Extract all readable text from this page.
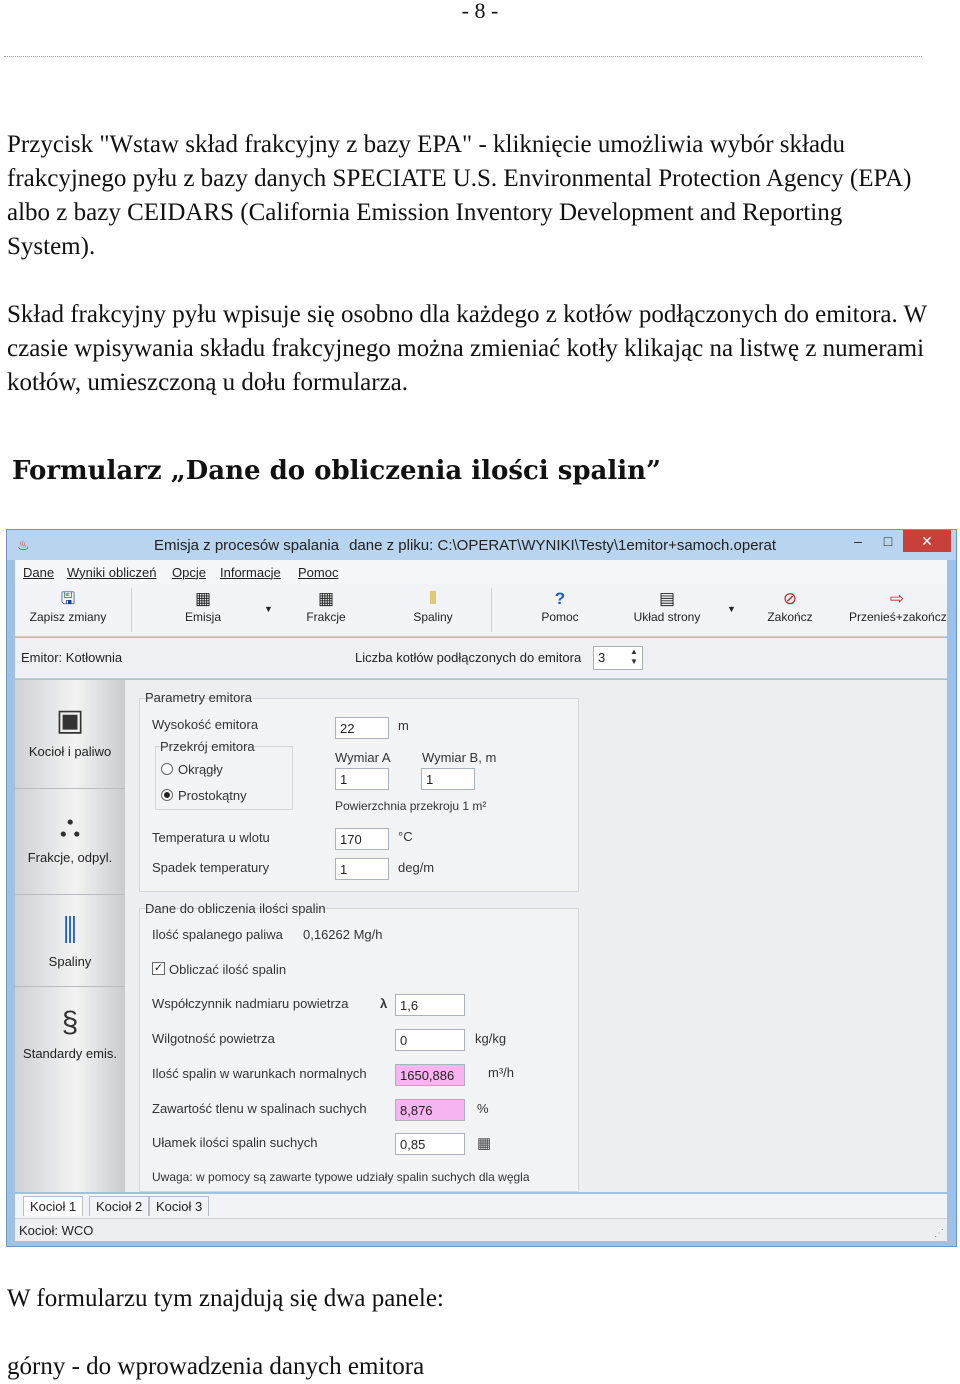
- 8 -

Przycisk "Wstaw skład frakcyjny z bazy EPA" - kliknięcie umożliwia wybór składu frakcyjnego pyłu z bazy danych SPECIATE U.S. Environmental Protection Agency (EPA) albo z bazy CEIDARS (California Emission Inventory Development and Reporting System).

Skład frakcyjny pyłu wpisuje się osobno dla każdego z kotłów podłączonych do emitora. W czasie wpisywania składu frakcyjnego można zmieniać kotły klikając na listwę z numerami kotłów, umieszczoną u dołu formularza.

Formularz „Dane do obliczenia ilości spalin”
♨	Emisja z procesów spalania dane z pliku: C:\OPERAT\WYNIKI\Testy\1emitor+samoch.operat	–	□	✕
Dane Wyniki obliczeń Opcje Informacje Pomoc
🖫
Zapisz zmiany
▦
Emisja
▼
▦
Frakcje
⦀
Spaliny
?
Pomoc
▤
Układ strony
▼
⊘
Zakończ
⇨
Przenieś+zakończ
Emitor: Kotłownia	Liczba kotłów podłączonych do emitora 3	▲
▼
▣
Kocioł i paliwo
⛬
Frakcje, odpyl.
⫼
Spaliny
§
Standardy emis.
Parametry emitora
Wysokość emitora	22	m
Przekrój emitora
Okrągły
Prostokątny
Wymiar A Wymiar B, m
1	1
Powierzchnia przekroju 1 m²
Temperatura u wlotu	170	°C
Spadek temperatury	1	deg/m
Dane do obliczenia ilości spalin
Ilość spalanego paliwa 0,16262 Mg/h
✓ Obliczać ilość spalin
Współczynnik nadmiaru powietrza λ 1,6
Wilgotność powietrza	0	kg/kg
Ilość spalin w warunkach normalnych	1650,886	m³/h
Zawartość tlenu w spalinach suchych	8,876	%
Ułamek ilości spalin suchych	0,85	▦
Uwaga: w pomocy są zawarte typowe udziały spalin suchych dla węgla
Kocioł 1	Kocioł 2	Kocioł 3
Kocioł: WCO	⋰

W formularzu tym znajdują się dwa panele:

górny - do wprowadzenia danych emitora
